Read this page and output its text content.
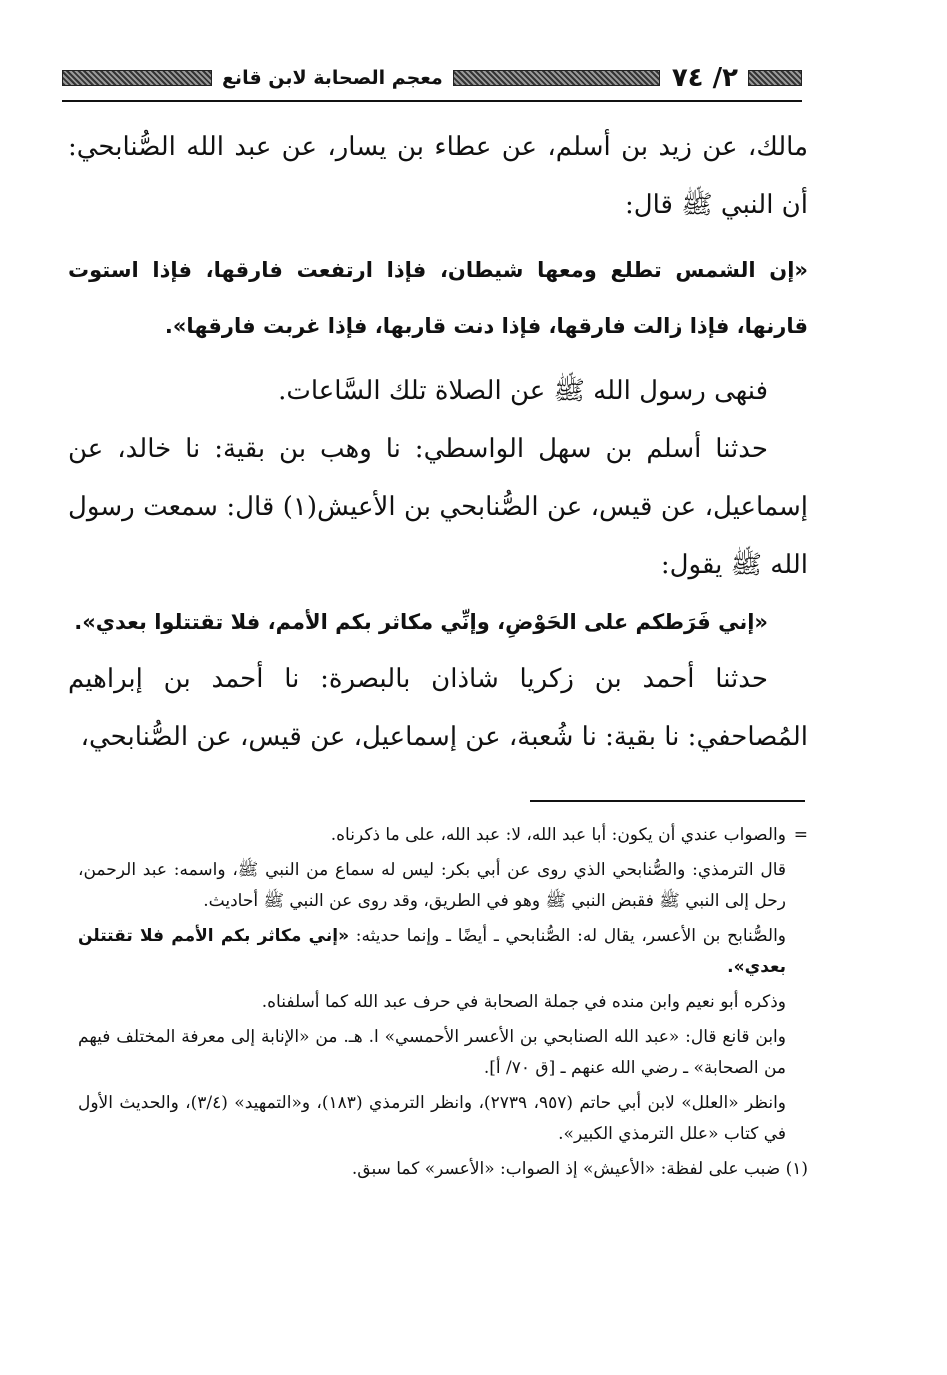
٢/ ٧٤
معجم الصحابة لابن قانع

مالك، عن زيد بن أسلم، عن عطاء بن يسار، عن عبد الله الصُّنابحي: أن النبي ﷺ قال:

«إن الشمس تطلع ومعها شيطان، فإذا ارتفعت فارقها، فإذا استوت قارنها، فإذا زالت فارقها، فإذا دنت قاربها، فإذا غربت فارقها».

فنهى رسول الله ﷺ عن الصلاة تلك السَّاعات.

حدثنا أسلم بن سهل الواسطي: نا وهب بن بقية: نا خالد، عن إسماعيل، عن قيس، عن الصُّنابحي بن الأعيش(١) قال: سمعت رسول الله ﷺ يقول:

«إني فَرَطكم على الحَوْضِ، وإنِّي مكاثر بكم الأمم، فلا تقتتلوا بعدي».

حدثنا أحمد بن زكريا شاذان بالبصرة: نا أحمد بن إبراهيم المُصاحفي: نا بقية: نا شُعبة، عن إسماعيل، عن قيس، عن الصُّنابحي،

=والصواب عندي أن يكون: أبا عبد الله، لا: عبد الله، على ما ذكرناه.

قال الترمذي: والصُّنابحي الذي روى عن أبي بكر: ليس له سماع من النبي ﷺ، واسمه: عبد الرحمن، رحل إلى النبي ﷺ فقبض النبي ﷺ وهو في الطريق، وقد روى عن النبي ﷺ أحاديث.

والصُّنابح بن الأعسر، يقال له: الصُّنابحي ـ أيضًا ـ وإنما حديثه: «إني مكاثر بكم الأمم فلا تقتتلن بعدي».

وذكره أبو نعيم وابن منده في جملة الصحابة في حرف عبد الله كما أسلفناه.

وابن قانع قال: «عبد الله الصنابحي بن الأعسر الأحمسي» ا. هـ. من «الإنابة إلى معرفة المختلف فيهم من الصحابة» ـ رضي الله عنهم ـ [ق ٧٠/ أ].

وانظر «العلل» لابن أبي حاتم (٩٥٧، ٢٧٣٩)، وانظر الترمذي (١٨٣)، و«التمهيد» (٣/٤)، والحديث الأول في كتاب «علل الترمذي الكبير».

(١) ضبب على لفظة: «الأعيش» إذ الصواب: «الأعسر» كما سبق.
